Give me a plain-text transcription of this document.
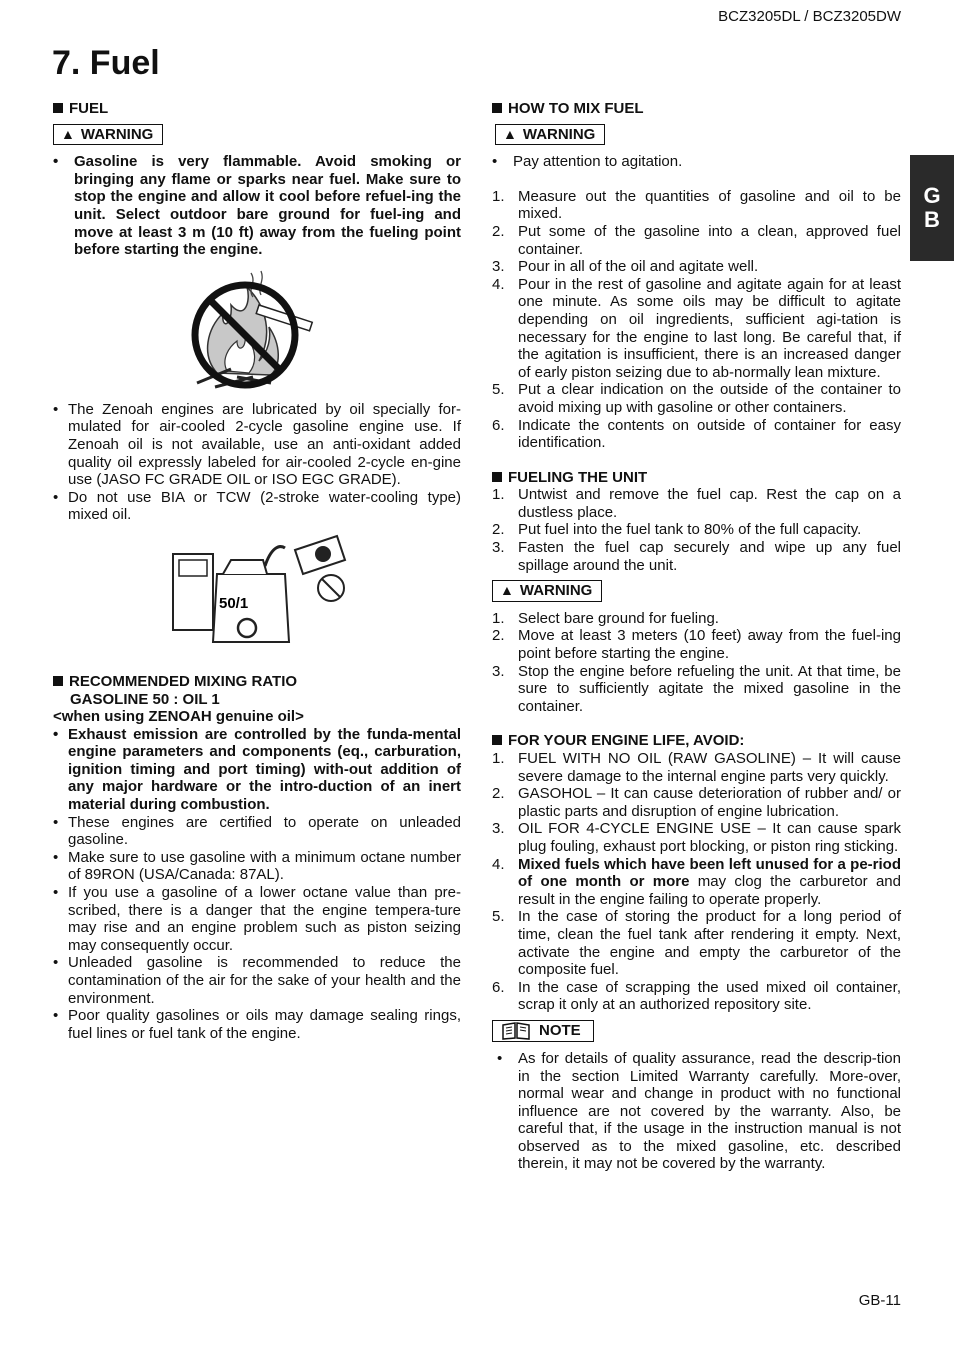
BCZ3205DL / BCZ3205DW
7. Fuel

FUEL

▲ WARNING
• Gasoline is very flammable. Avoid smoking or bringing any flame or sparks near fuel. Make sure to stop the engine and allow it cool before refuel-ing the unit. Select outdoor bare ground for fuel-ing and move at least 3 m (10 ft) away from the fueling point before starting the engine.
• The Zenoah engines are lubricated by oil specially for-mulated for air-cooled 2-cycle gasoline engine use. If Zenoah oil is not available, use an anti-oxidant added quality oil expressly labeled for air-cooled 2-cycle en-gine use (JASO FC GRADE OIL or ISO EGC GRADE).
• Do not use BIA or TCW (2-stroke water-cooling type) mixed oil.
50/1

RECOMMENDED MIXING RATIO

GASOLINE 50 : OIL 1

<when using ZENOAH genuine oil>

• Exhaust emission are controlled by the funda-mental engine parameters and components (eq., carburation, ignition timing and port timing) with-out addition of any major hardware or the intro-duction of an inert material during combustion.
• These engines are certified to operate on unleaded gasoline.
• Make sure to use gasoline with a minimum octane number of 89RON (USA/Canada: 87AL).
• If you use a gasoline of a lower octane value than pre-scribed, there is a danger that the engine tempera-ture may rise and an engine problem such as piston seizing may consequently occur.
• Unleaded gasoline is recommended to reduce the contamination of the air for the sake of your health and the environment.
• Poor quality gasolines or oils may damage sealing rings, fuel lines or fuel tank of the engine.

HOW TO MIX FUEL

▲ WARNING
• Pay attention to agitation.
1. Measure out the quantities of gasoline and oil to be mixed.
2. Put some of the gasoline into a clean, approved fuel container.
3. Pour in all of the oil and agitate well.
4. Pour in the rest of gasoline and agitate again for at least one minute. As some oils may be difficult to agitate depending on oil ingredients, sufficient agi-tation is necessary for the engine to last long. Be careful that, if the agitation is insufficient, there is an increased danger of early piston seizing due to ab-normally lean mixture.
5. Put a clear indication on the outside of the container to avoid mixing up with gasoline or other containers.
6. Indicate the contents on outside of container for easy identification.

FUELING THE UNIT

1. Untwist and remove the fuel cap. Rest the cap on a dustless place.
2. Put fuel into the fuel tank to 80% of the full capacity.
3. Fasten the fuel cap securely and wipe up any fuel spillage around the unit.
▲ WARNING
1. Select bare ground for fueling.
2. Move at least 3 meters (10 feet) away from the fuel-ing point before starting the engine.
3. Stop the engine before refueling the unit. At that time, be sure to sufficiently agitate the mixed gasoline in the container.

FOR YOUR ENGINE LIFE, AVOID:

1. FUEL WITH NO OIL (RAW GASOLINE) – It will cause severe damage to the internal engine parts very quickly.
2. GASOHOL – It can cause deterioration of rubber and/ or plastic parts and disruption of engine lubrication.
3. OIL FOR 4-CYCLE ENGINE USE – It can cause spark plug fouling, exhaust port blocking, or piston ring sticking.
4. Mixed fuels which have been left unused for a pe-riod of one month or more may clog the carburetor and result in the engine failing to operate properly.
5. In the case of storing the product for a long period of time, clean the fuel tank after rendering it empty. Next, activate the engine and empty the carburetor of the composite fuel.
6. In the case of scrapping the used mixed oil container, scrap it only at an authorized repository site.
NOTE
• As for details of quality assurance, read the descrip-tion in the section Limited Warranty carefully. More-over, normal wear and change in product with no functional influence are not covered by the warranty. Also, be careful that, if the usage in the instruction manual is not observed as to the mixed gasoline, etc. described therein, it may not be covered by the warranty.
G
B
GB-11
